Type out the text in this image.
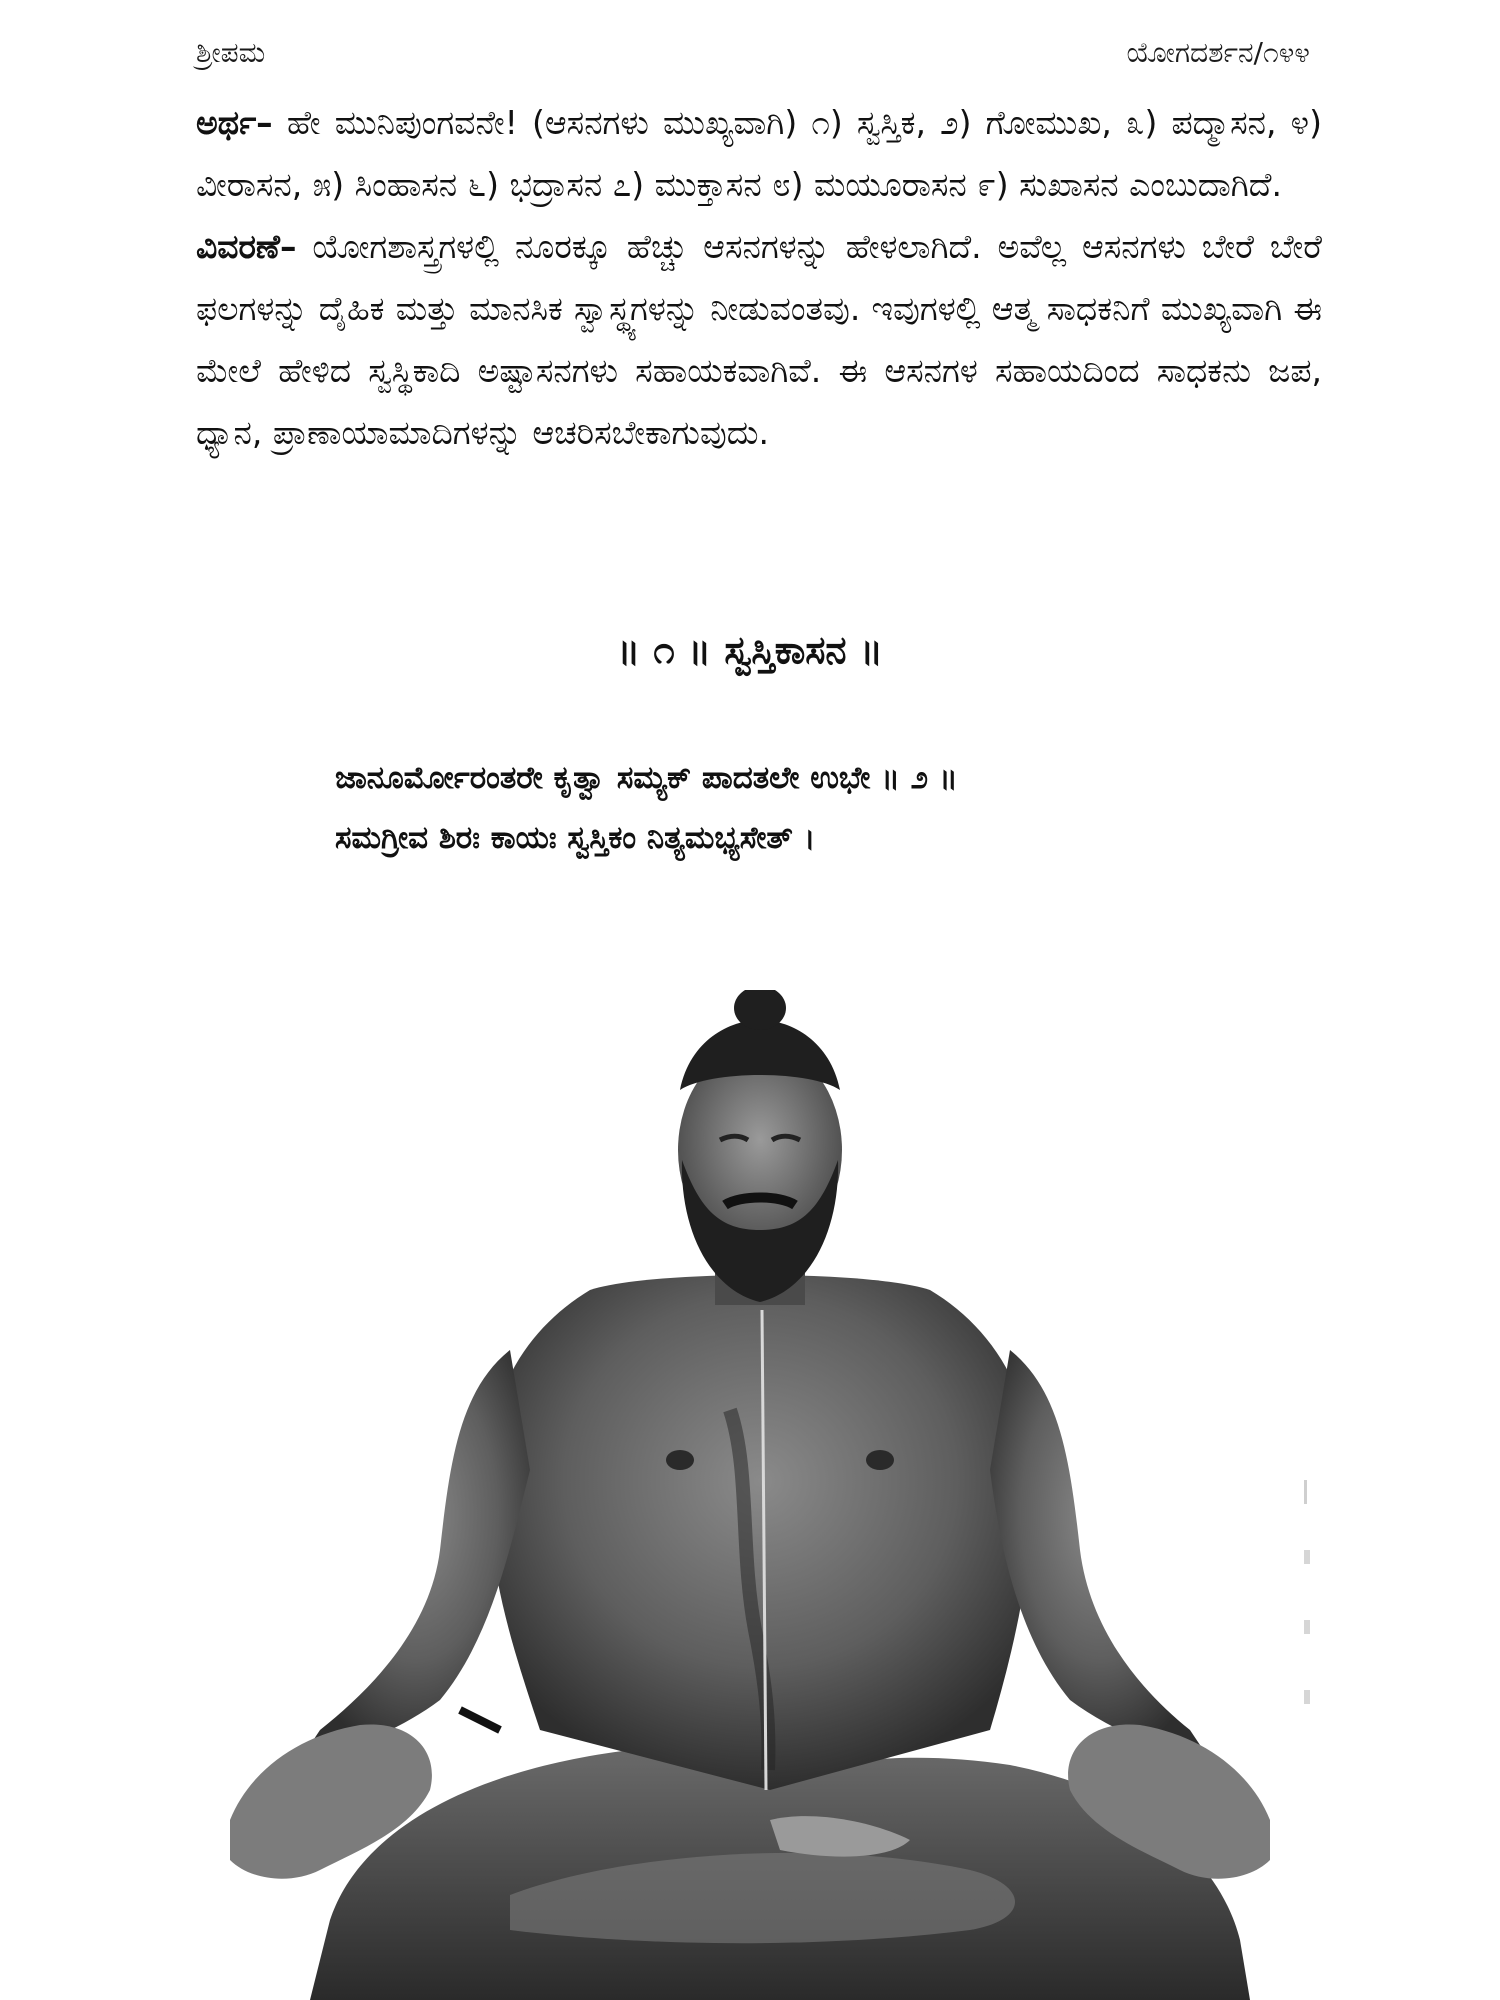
ಶ್ರೀಪಮ	ಯೋಗದರ್ಶನ/೧೪೪

ಅರ್ಥ– ಹೇ ಮುನಿಪುಂಗವನೇ! (ಆಸನಗಳು ಮುಖ್ಯವಾಗಿ) ೧) ಸ್ವಸ್ತಿಕ, ೨) ಗೋಮುಖ, ೩) ಪದ್ಮಾಸನ, ೪) ವೀರಾಸನ, ೫) ಸಿಂಹಾಸನ ೬) ಭದ್ರಾಸನ ೭) ಮುಕ್ತಾಸನ ೮) ಮಯೂರಾಸನ ೯) ಸುಖಾಸನ ಎಂಬುದಾಗಿದೆ.

ವಿವರಣೆ– ಯೋಗಶಾಸ್ತ್ರಗಳಲ್ಲಿ ನೂರಕ್ಕೂ ಹೆಚ್ಚು ಆಸನಗಳನ್ನು ಹೇಳಲಾಗಿದೆ. ಅವೆಲ್ಲ ಆಸನಗಳು ಬೇರೆ ಬೇರೆ ಫಲಗಳನ್ನು ದೈಹಿಕ ಮತ್ತು ಮಾನಸಿಕ ಸ್ವಾಸ್ಥ್ಯಗಳನ್ನು ನೀಡುವಂತವು. ಇವುಗಳಲ್ಲಿ ಆತ್ಮ ಸಾಧಕನಿಗೆ ಮುಖ್ಯವಾಗಿ ಈ ಮೇಲೆ ಹೇಳಿದ ಸ್ವಸ್ಥಿಕಾದಿ ಅಷ್ಟಾಸನಗಳು ಸಹಾಯಕವಾಗಿವೆ. ಈ ಆಸನಗಳ ಸಹಾಯದಿಂದ ಸಾಧಕನು ಜಪ, ಧ್ಯಾನ, ಪ್ರಾಣಾಯಾಮಾದಿಗಳನ್ನು ಆಚರಿಸಬೇಕಾಗುವುದು.

॥ ೧ ॥ ಸ್ವಸ್ತಿಕಾಸನ ॥
ಜಾನೂರ್ಮೋರಂತರೇ ಕೃತ್ವಾ ಸಮ್ಯಕ್ ಪಾದತಲೇ ಉಭೇ ॥ ೨ ॥
ಸಮಗ್ರೀವ ಶಿರಃ ಕಾಯಃ ಸ್ವಸ್ತಿಕಂ ನಿತ್ಯಮಭ್ಯಸೇತ್ ।
